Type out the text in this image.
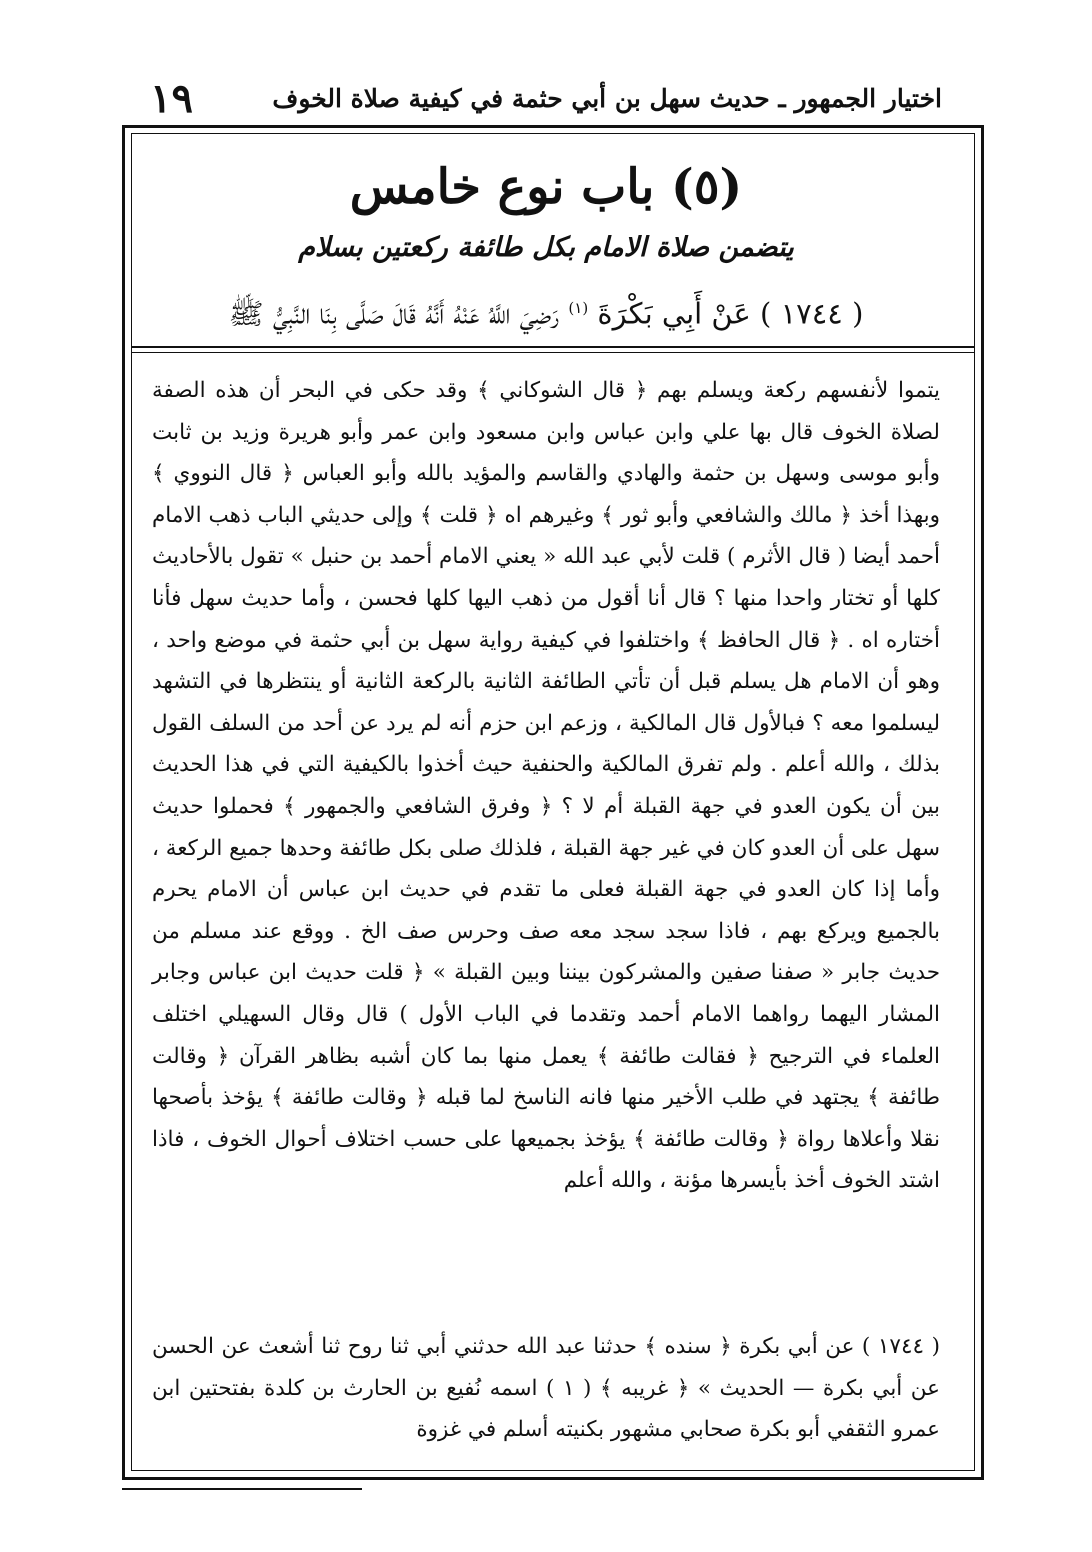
اختيار الجمهور ـ حديث سهل بن أبي حثمة في كيفية صلاة الخوف
١٩
(٥) باب نوع خامس
يتضمن صلاة الامام بكل طائفة ركعتين بسلام
( ١٧٤٤ ) عَنْ أَبِي بَكْرَةَ $^{(١)}$ رَضِيَ اللَّهُ عَنْهُ أَنَّهُ قَالَ صَلَّى بِنَا النَّبِيُّ ﷺ

يتموا لأنفسهم ركعة ويسلم بهم ﴿ قال الشوكاني ﴾ وقد حكى في البحر أن هذه الصفة لصلاة الخوف قال بها علي وابن عباس وابن مسعود وابن عمر وأبو هريرة وزيد بن ثابت وأبو موسى وسهل بن حثمة والهادي والقاسم والمؤيد بالله وأبو العباس ﴿ قال النووي ﴾ وبهذا أخذ ﴿ مالك والشافعي وأبو ثور ﴾ وغيرهم اه ﴿ قلت ﴾ وإلى حديثي الباب ذهب الامام أحمد أيضا ( قال الأثرم ) قلت لأبي عبد الله « يعني الامام أحمد بن حنبل » تقول بالأحاديث كلها أو تختار واحدا منها ؟ قال أنا أقول من ذهب اليها كلها فحسن ، وأما حديث سهل فأنا أختاره اه . ﴿ قال الحافظ ﴾ واختلفوا في كيفية رواية سهل بن أبي حثمة في موضع واحد ، وهو أن الامام هل يسلم قبل أن تأتي الطائفة الثانية بالركعة الثانية أو ينتظرها في التشهد ليسلموا معه ؟ فبالأول قال المالكية ، وزعم ابن حزم أنه لم يرد عن أحد من السلف القول بذلك ، والله أعلم . ولم تفرق المالكية والحنفية حيث أخذوا بالكيفية التي في هذا الحديث بين أن يكون العدو في جهة القبلة أم لا ؟ ﴿ وفرق الشافعي والجمهور ﴾ فحملوا حديث سهل على أن العدو كان في غير جهة القبلة ، فلذلك صلى بكل طائفة وحدها جميع الركعة ، وأما إذا كان العدو في جهة القبلة فعلى ما تقدم في حديث ابن عباس أن الامام يحرم بالجميع ويركع بهم ، فاذا سجد سجد معه صف وحرس صف الخ . ووقع عند مسلم من حديث جابر « صفنا صفين والمشركون بيننا وبين القبلة » ﴿ قلت حديث ابن عباس وجابر المشار اليهما رواهما الامام أحمد وتقدما في الباب الأول ) قال وقال السهيلي اختلف العلماء في الترجيح ﴿ فقالت طائفة ﴾ يعمل منها بما كان أشبه بظاهر القرآن ﴿ وقالت طائفة ﴾ يجتهد في طلب الأخير منها فانه الناسخ لما قبله ﴿ وقالت طائفة ﴾ يؤخذ بأصحها نقلا وأعلاها رواة ﴿ وقالت طائفة ﴾ يؤخذ بجميعها على حسب اختلاف أحوال الخوف ، فاذا اشتد الخوف أخذ بأيسرها مؤنة ، والله أعلم

( ١٧٤٤ ) عن أبي بكرة ﴿ سنده ﴾ حدثنا عبد الله حدثني أبي ثنا روح ثنا أشعث عن الحسن عن أبي بكرة — الحديث » ﴿ غريبه ﴾ ( ١ ) اسمه نُفيع بن الحارث بن كلدة بفتحتين ابن عمرو الثقفي أبو بكرة صحابي مشهور بكنيته أسلم في غزوة
